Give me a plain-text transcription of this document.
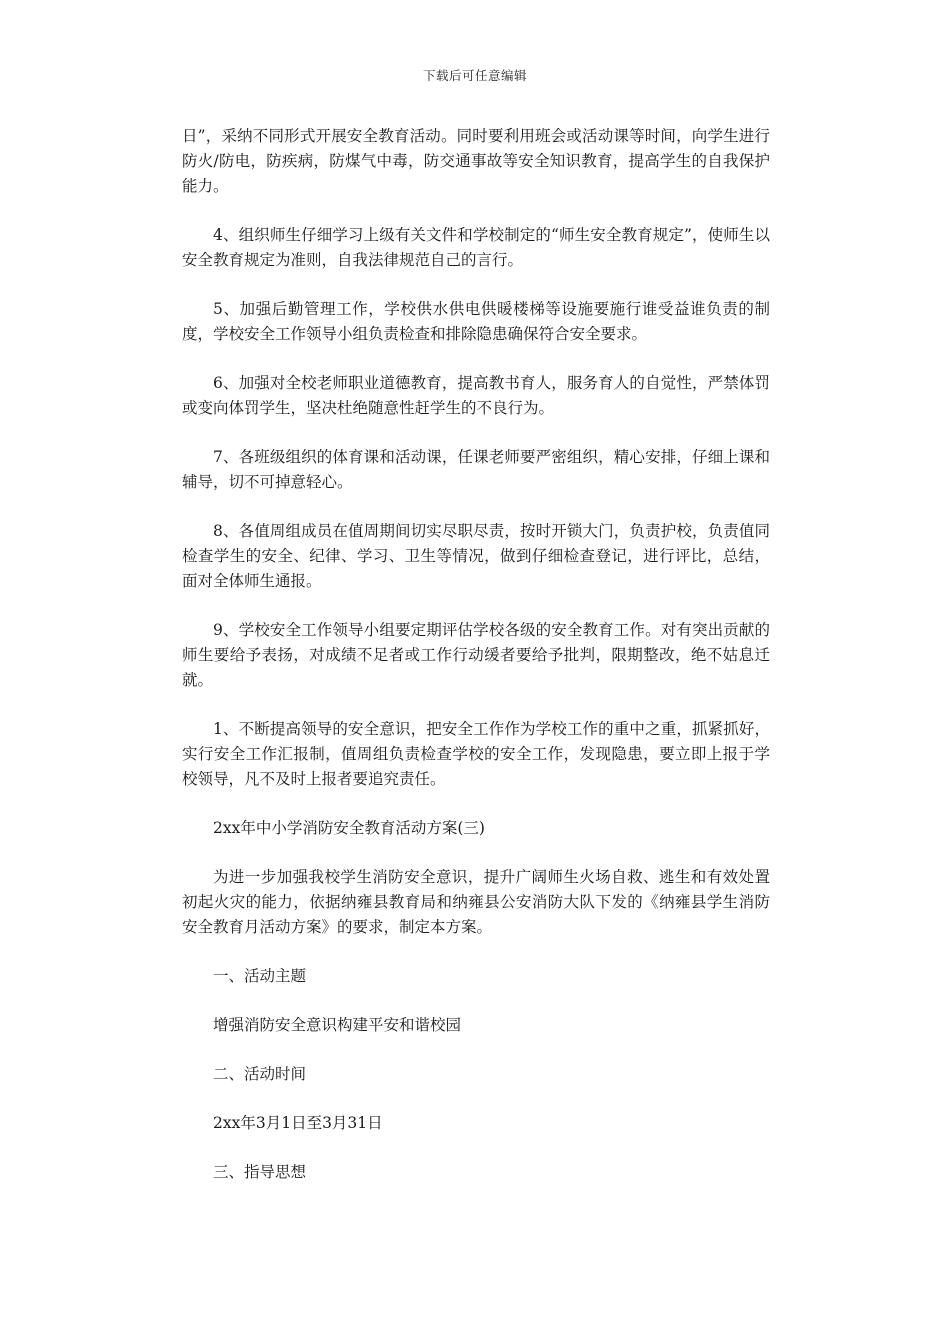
下载后可任意编辑

日”，采纳不同形式开展安全教育活动。同时要利用班会或活动课等时间，向学生进行防火/防电，防疾病，防煤气中毒，防交通事故等安全知识教育，提高学生的自我保护能力。

4、组织师生仔细学习上级有关文件和学校制定的“师生安全教育规定”，使师生以安全教育规定为准则，自我法律规范自己的言行。

5、加强后勤管理工作，学校供水供电供暖楼梯等设施要施行谁受益谁负责的制度，学校安全工作领导小组负责检查和排除隐患确保符合安全要求。

6、加强对全校老师职业道德教育，提高教书育人，服务育人的自觉性，严禁体罚或变向体罚学生，坚决杜绝随意性赶学生的不良行为。

7、各班级组织的体育课和活动课，任课老师要严密组织，精心安排，仔细上课和辅导，切不可掉意轻心。

8、各值周组成员在值周期间切实尽职尽责，按时开锁大门，负责护校，负责值同检查学生的安全、纪律、学习、卫生等情况，做到仔细检查登记，进行评比，总结，面对全体师生通报。

9、学校安全工作领导小组要定期评估学校各级的安全教育工作。对有突出贡献的师生要给予表扬，对成绩不足者或工作行动缓者要给予批判，限期整改，绝不姑息迁就。

1、不断提高领导的安全意识，把安全工作作为学校工作的重中之重，抓紧抓好，实行安全工作汇报制，值周组负责检查学校的安全工作，发现隐患，要立即上报于学校领导，凡不及时上报者要追究责任。

2xx年中小学消防安全教育活动方案(三)

为进一步加强我校学生消防安全意识，提升广阔师生火场自救、逃生和有效处置初起火灾的能力，依据纳雍县教育局和纳雍县公安消防大队下发的《纳雍县学生消防安全教育月活动方案》的要求，制定本方案。

一、活动主题

增强消防安全意识构建平安和谐校园

二、活动时间

2xx年3月1日至3月31日

三、指导思想
